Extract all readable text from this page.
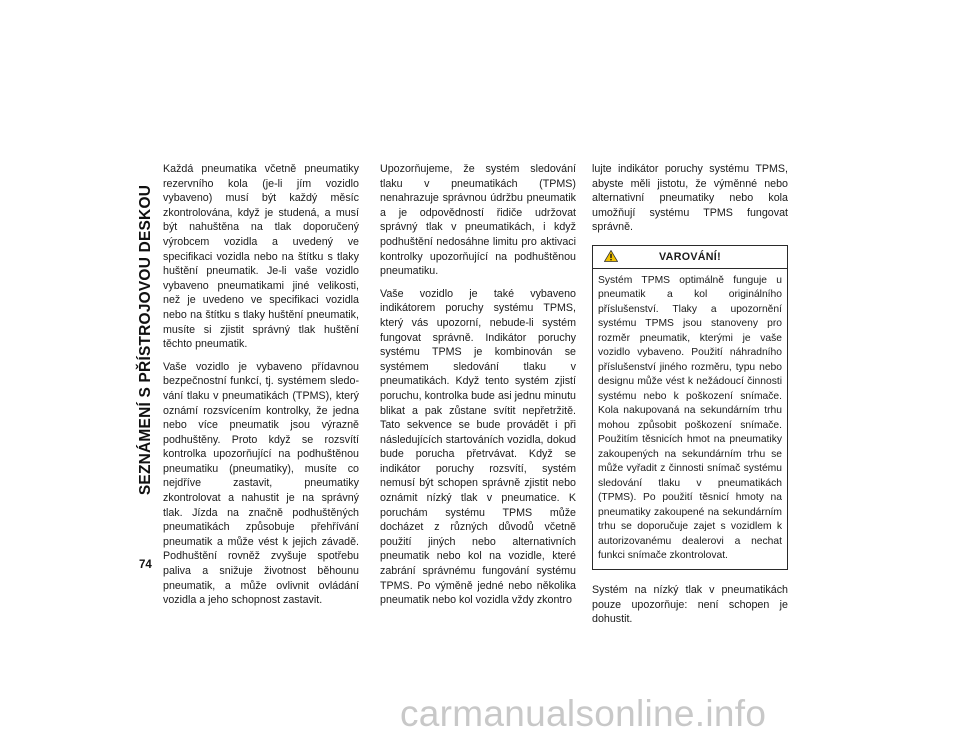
SEZNÁMENÍ S PŘÍSTROJOVOU DESKOU
74

Každá pneumatika včetně pneumatiky rezervního kola (je-li jím vozidlo vybaveno) musí být každý měsíc zkontrolována, když je studená, a musí být nahuštěna na tlak doporučený výrobcem vozidla a uvedený ve specifikaci vozidla nebo na štítku s tlaky huštění pneumatik. Je-li vaše vozidlo vybaveno pneumatikami jiné velikosti, než je uvedeno ve specifikaci vozidla nebo na štítku s tlaky huštění pneumatik, musíte si zjistit správný tlak huštění těchto pneumatik.

Vaše vozidlo je vybaveno přídavnou bezpečnostní funkcí, tj. systémem sledování tlaku v pneumatikách (TPMS), který oznámí rozsvícením kontrolky, že jedna nebo více pneumatik jsou výrazně podhuštěny. Proto když se rozsvítí kontrolka upozorňující na podhuštěnou pneumatiku (pneumatiky), musíte co nejdříve zastavit, pneumatiky zkontrolovat a nahustit je na správný tlak. Jízda na značně podhuštěných pneumatikách způsobuje přehřívání pneumatik a může vést k jejich závadě. Podhuštění rovněž zvyšuje spotřebu paliva a snižuje životnost běhounu pneumatik, a může ovlivnit ovládání vozidla a jeho schopnost zastavit.

Upozorňujeme, že systém sledování tlaku v pneumatikách (TPMS) nenahrazuje správnou údržbu pneumatik a je odpovědností řidiče udržovat správný tlak v pneumatikách, i když podhuštění nedosáhne limitu pro aktivaci kontrolky upozorňující na podhuštěnou pneumatiku.

Vaše vozidlo je také vybaveno indikátorem poruchy systému TPMS, který vás upozorní, nebude-li systém fungovat správně. Indikátor poruchy systému TPMS je kombinován se systémem sledování tlaku v pneumatikách. Když tento systém zjistí poruchu, kontrolka bude asi jednu minutu blikat a pak zůstane svítit nepřetržitě. Tato sekvence se bude provádět i při následujících startováních vozidla, dokud bude porucha přetrvávat. Když se indikátor poruchy rozsvítí, systém nemusí být schopen správně zjistit nebo oznámit nízký tlak v pneumatice. K poruchám systému TPMS může docházet z různých důvodů včetně použití jiných nebo alternativních pneumatik nebo kol na vozidle, které zabrání správnému fungování systému TPMS. Po výměně jedné nebo několika pneumatik nebo kol vozidla vždy zkontro

lujte indikátor poruchy systému TPMS, abyste měli jistotu, že výměnné nebo alternativní pneumatiky nebo kola umožňují systému TPMS fungovat správně.

VAROVÁNÍ!
Systém TPMS optimálně funguje u pneumatik a kol originálního příslušenství. Tlaky a upozornění systému TPMS jsou stanoveny pro rozměr pneumatik, kterými je vaše vozidlo vybaveno. Použití náhradního příslušenství jiného rozměru, typu nebo designu může vést k nežádoucí činnosti systému nebo k poškození snímače. Kola nakupovaná na sekundárním trhu mohou způsobit poškození snímače. Použitím těsnicích hmot na pneumatiky zakoupených na sekundárním trhu se může vyřadit z činnosti snímač systému sledování tlaku v pneumatikách (TPMS). Po použití těsnicí hmoty na pneumatiky zakoupené na sekundárním trhu se doporučuje zajet s vozidlem k autorizovanému dealerovi a nechat funkci snímače zkontrolovat.

Systém na nízký tlak v pneumatikách pouze upozorňuje: není schopen je dohustit.

carmanualsonline.info
